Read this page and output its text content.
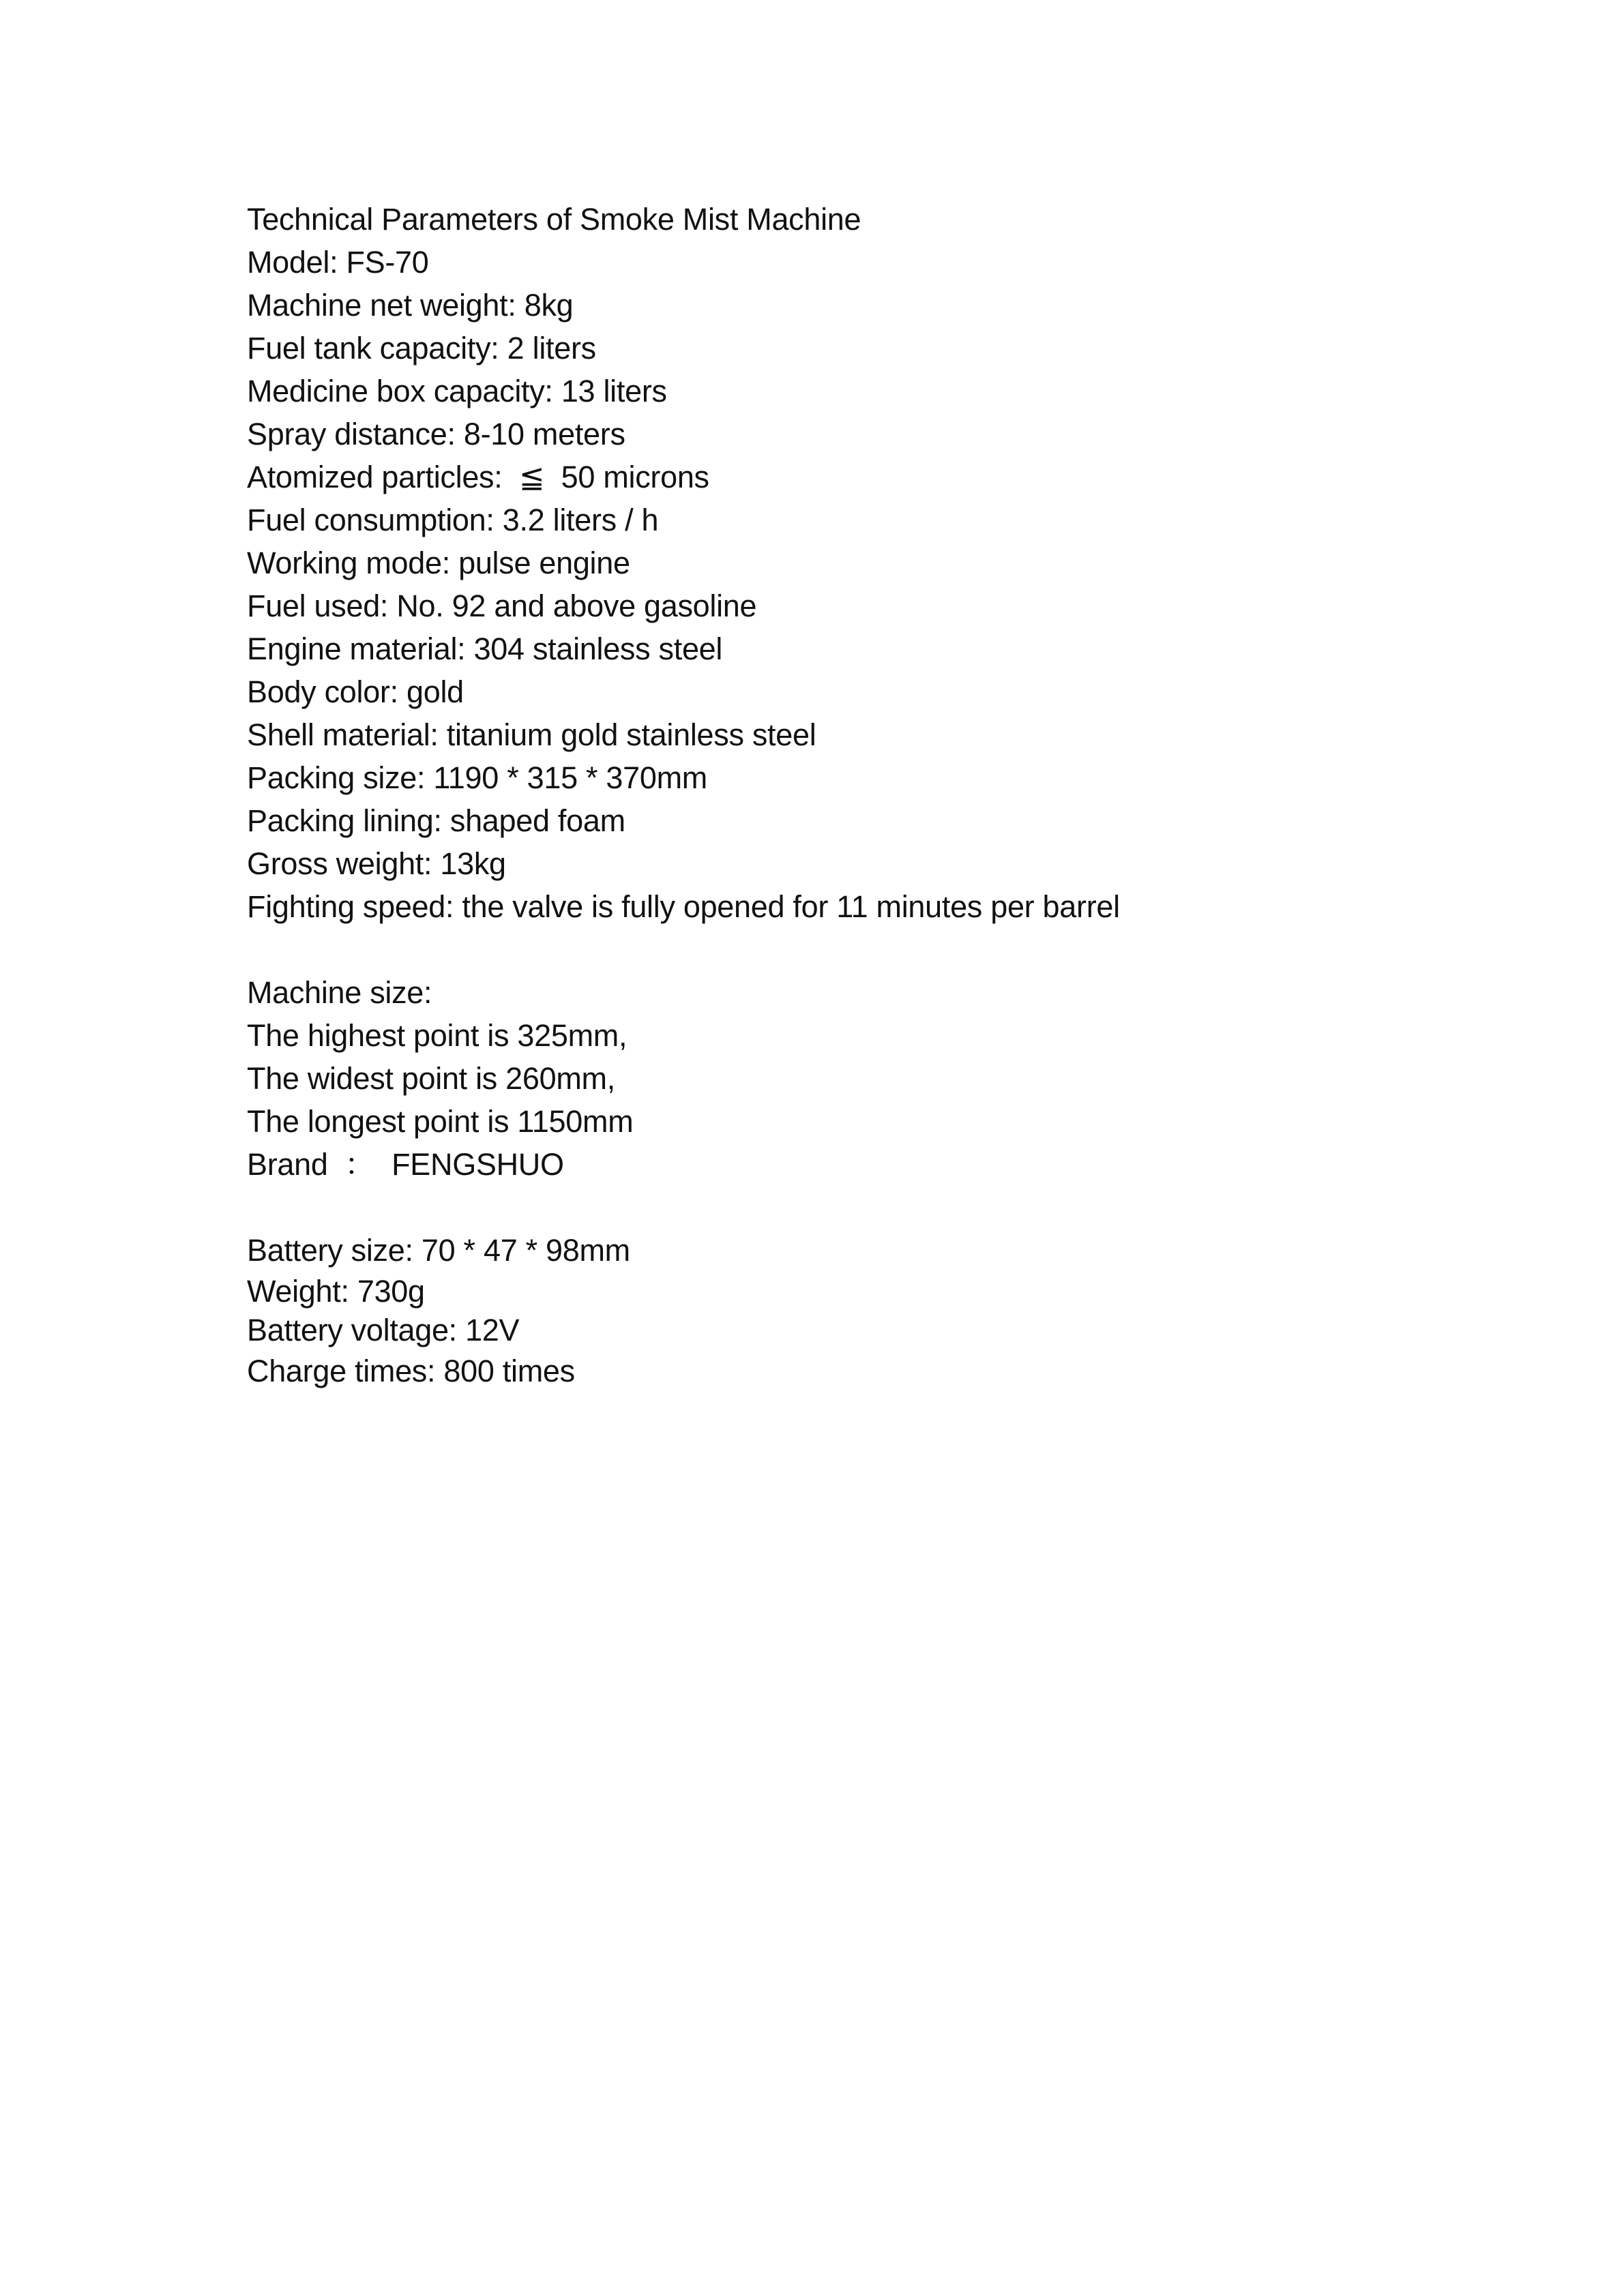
Technical Parameters of Smoke Mist Machine
Model: FS-70
Machine net weight: 8kg
Fuel tank capacity: 2 liters
Medicine box capacity: 13 liters
Spray distance: 8-10 meters
Atomized particles:  ≦  50 microns
Fuel consumption: 3.2 liters / h
Working mode: pulse engine
Fuel used: No. 92 and above gasoline
Engine material: 304 stainless steel
Body color: gold
Shell material: titanium gold stainless steel
Packing size: 1190 * 315 * 370mm
Packing lining: shaped foam
Gross weight: 13kg
Fighting speed: the valve is fully opened for 11 minutes per barrel
Machine size:
The highest point is 325mm,
The widest point is 260mm,
The longest point is 1150mm
Brand  ：  FENGSHUO
Battery size: 70 * 47 * 98mm
Weight: 730g
Battery voltage: 12V
Charge times: 800 times
